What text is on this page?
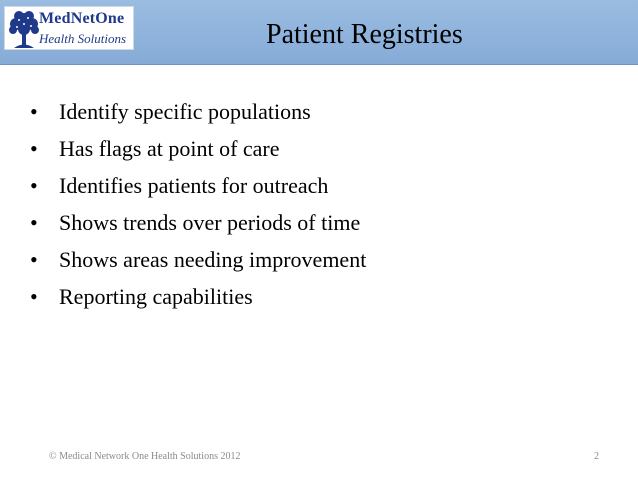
MedNetOne
Health Solutions	Patient Registries
• Identify specific populations
• Has flags at point of care
• Identifies patients for outreach
• Shows trends over periods of time
• Shows areas needing improvement
• Reporting capabilities
© Medical Network One Health Solutions 2012	2
